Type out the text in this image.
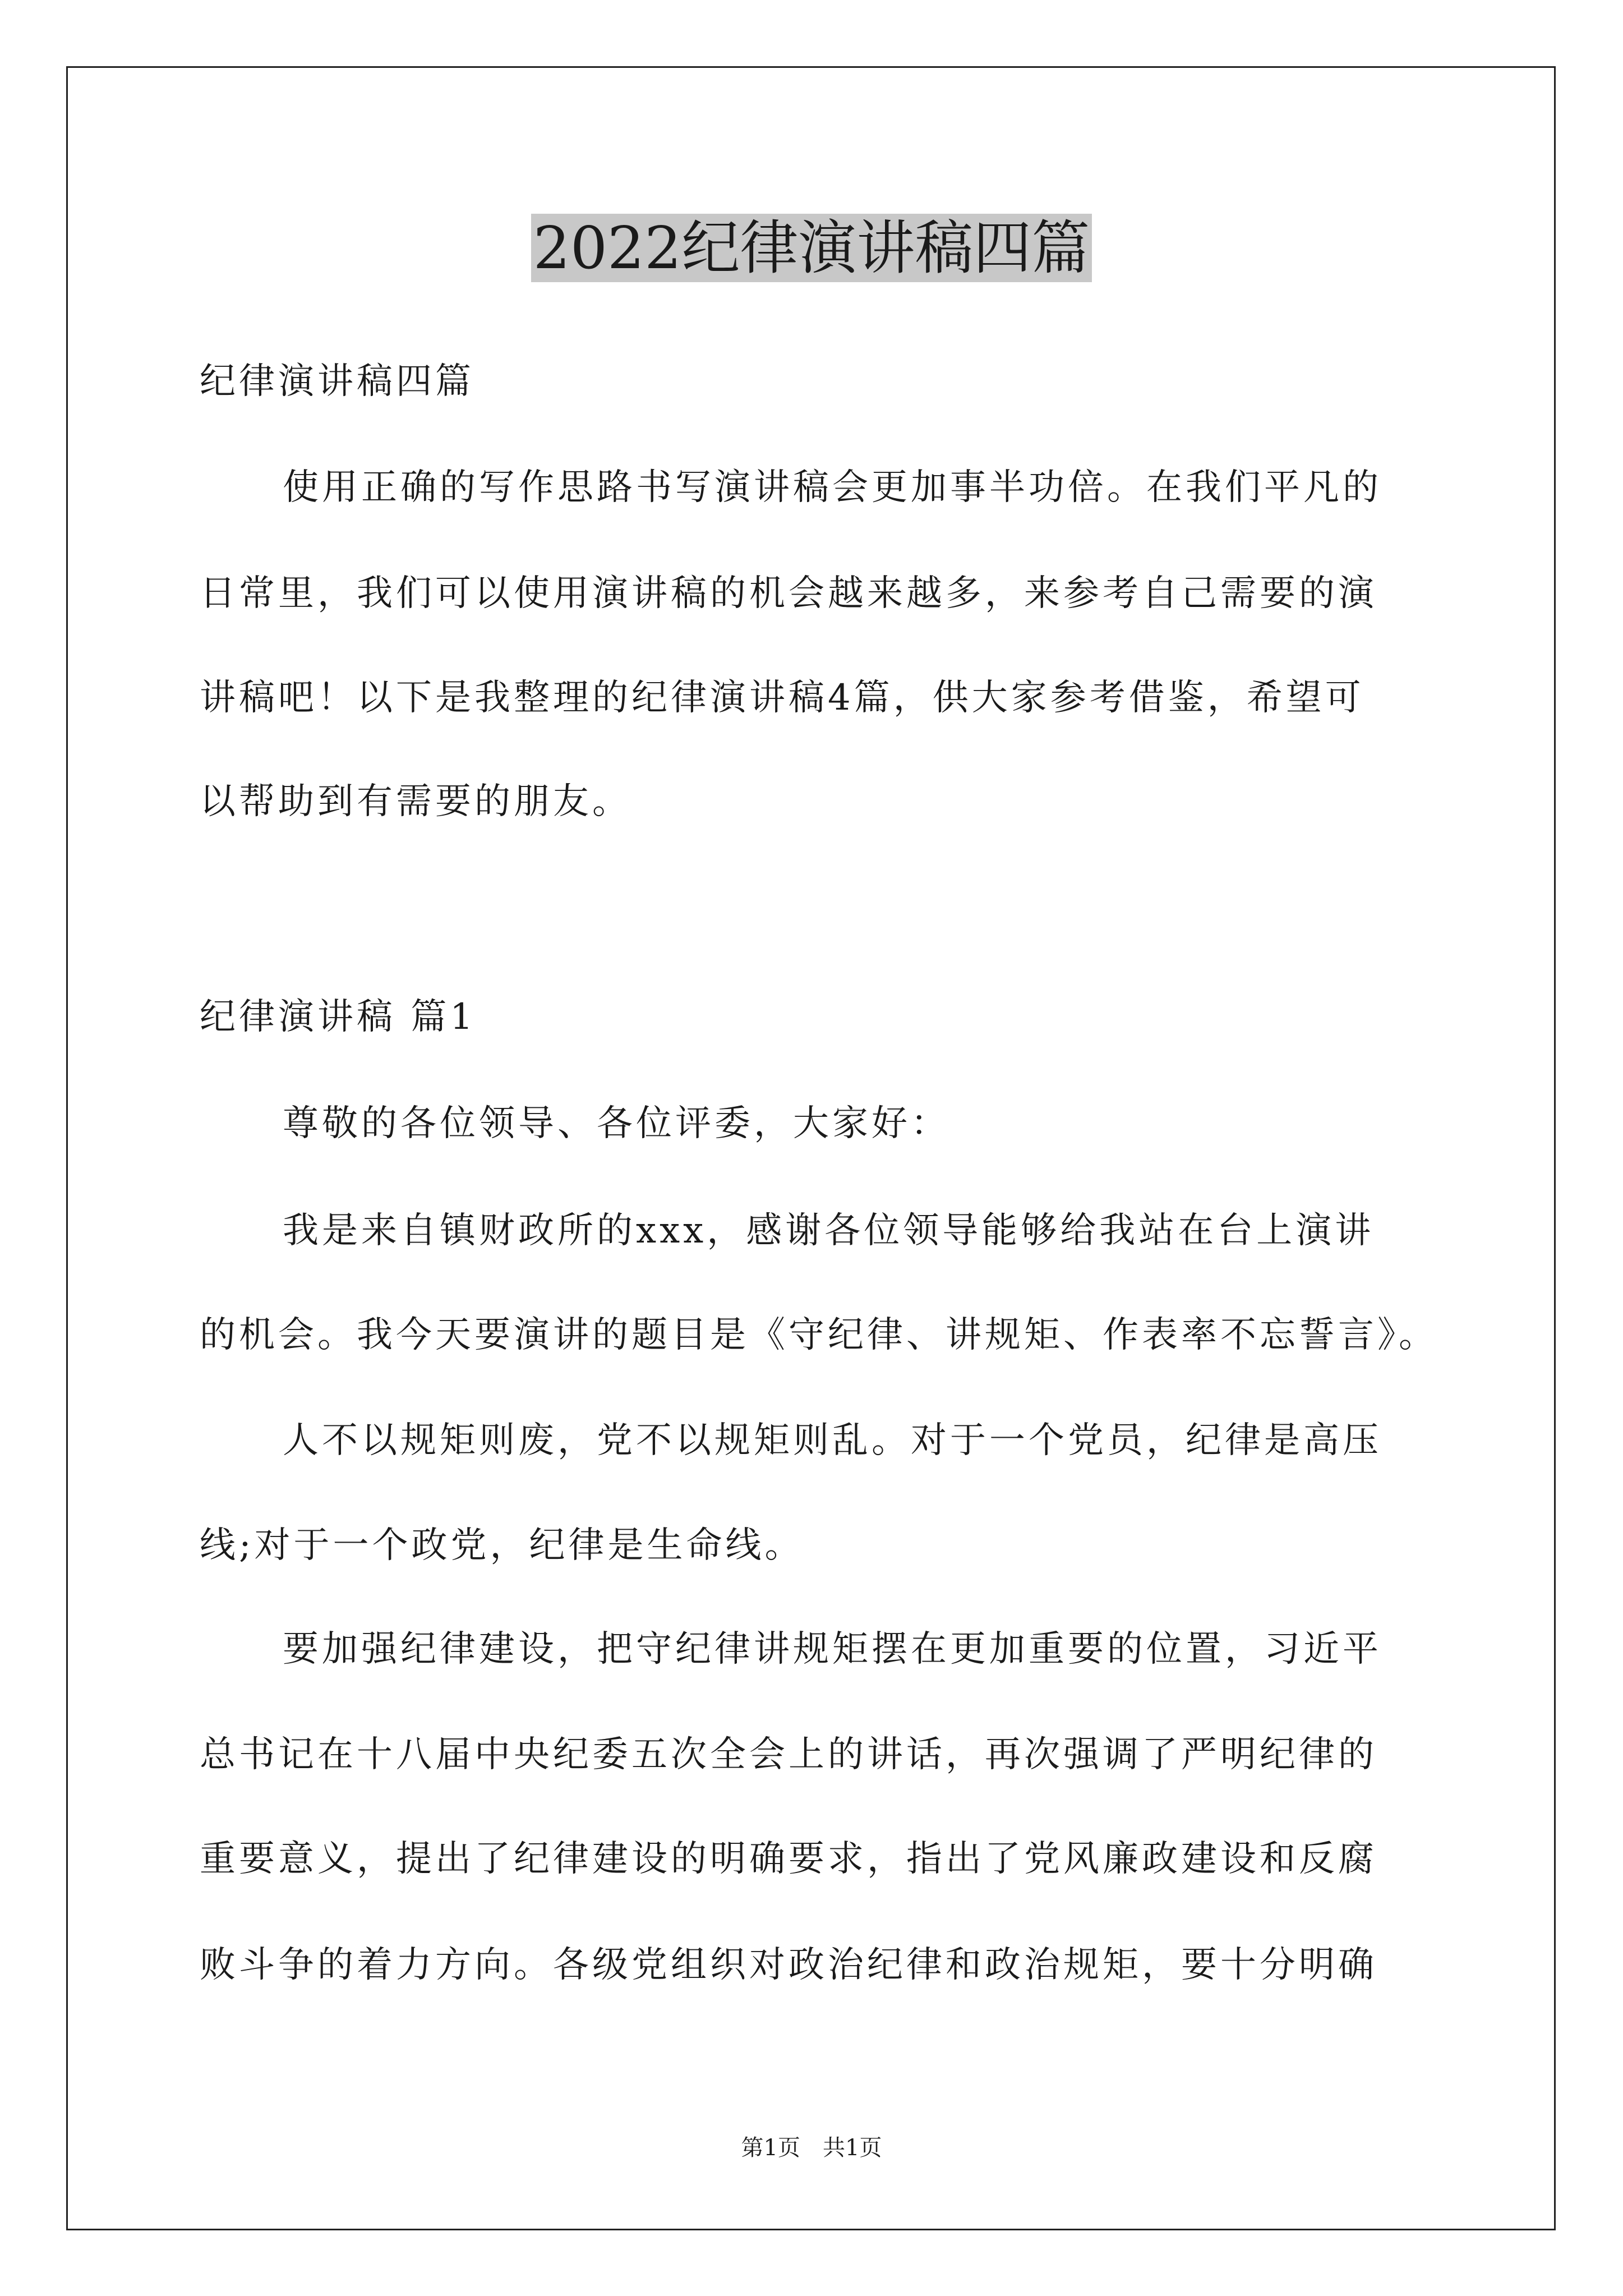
2022纪律演讲稿四篇

纪律演讲稿四篇

使用正确的写作思路书写演讲稿会更加事半功倍。在我们平凡的

日常里，我们可以使用演讲稿的机会越来越多，来参考自己需要的演

讲稿吧！以下是我整理的纪律演讲稿4篇，供大家参考借鉴，希望可

以帮助到有需要的朋友。

纪律演讲稿 篇1

尊敬的各位领导、各位评委，大家好：

我是来自镇财政所的xxx，感谢各位领导能够给我站在台上演讲

的机会。我今天要演讲的题目是《守纪律、讲规矩、作表率不忘誓言》。

人不以规矩则废，党不以规矩则乱。对于一个党员，纪律是高压

线;对于一个政党，纪律是生命线。

要加强纪律建设，把守纪律讲规矩摆在更加重要的位置，习近平

总书记在十八届中央纪委五次全会上的讲话，再次强调了严明纪律的

重要意义，提出了纪律建设的明确要求，指出了党风廉政建设和反腐

败斗争的着力方向。各级党组织对政治纪律和政治规矩，要十分明确

第1页　共1页
